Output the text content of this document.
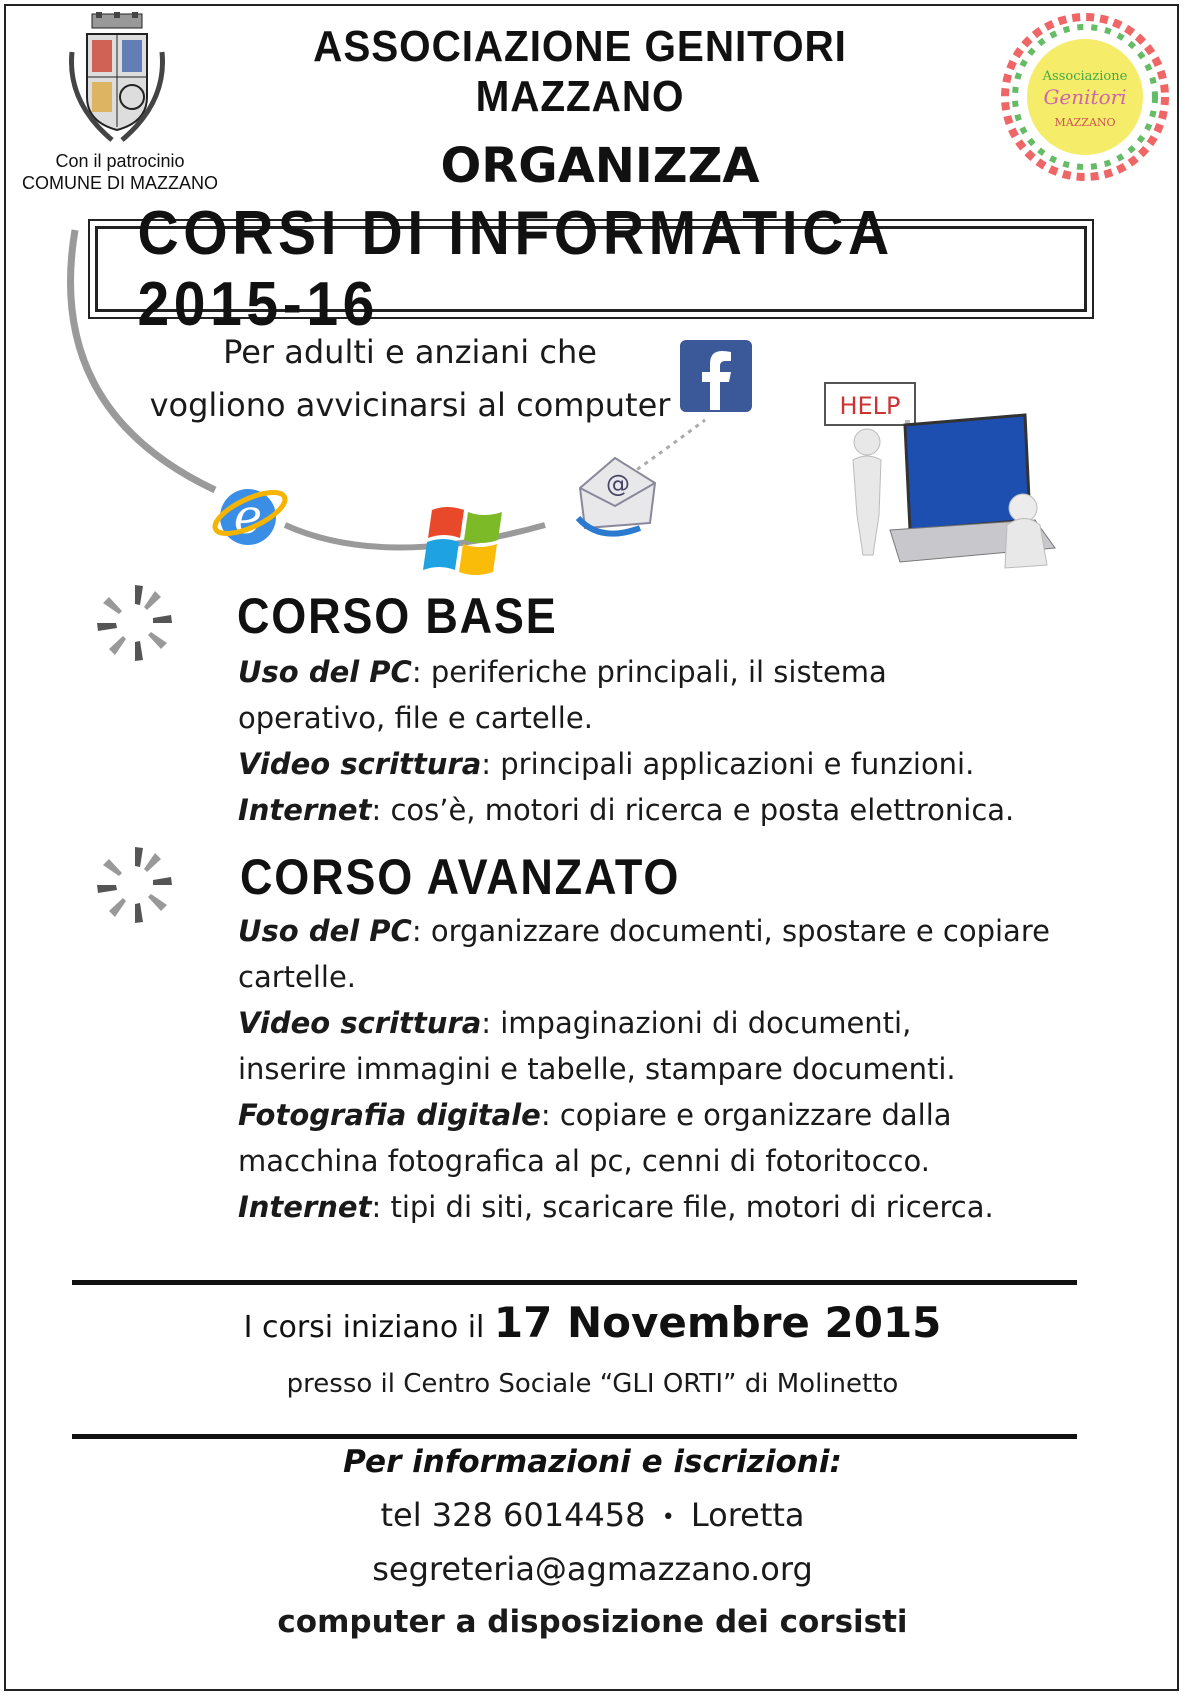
Con il patrocinio
COMUNE DI MAZZANO
ASSOCIAZIONE GENITORI MAZZANO
ORGANIZZA
Associazione
Genitori
MAZZANO
CORSI DI INFORMATICA 2015-16
Per adulti e anziani che
vogliono avvicinarsi al computer
e
@
HELP
CORSO BASE
Uso del PC: periferiche principali, il sistema
operativo, file e cartelle.
Video scrittura: principali applicazioni e funzioni.
Internet: cos’è, motori di ricerca e posta elettronica.
CORSO AVANZATO
Uso del PC: organizzare documenti, spostare e copiare
cartelle.
Video scrittura: impaginazioni di documenti,
inserire immagini e tabelle, stampare documenti.
Fotografia digitale: copiare e organizzare dalla
macchina fotografica al pc, cenni di fotoritocco.
Internet: tipi di siti, scaricare file, motori di ricerca.
I corsi iniziano il 17 Novembre 2015
presso il Centro Sociale “GLI ORTI” di Molinetto
Per informazioni e iscrizioni:
tel 328 6014458 • Loretta
segreteria@agmazzano.org
computer a disposizione dei corsisti
